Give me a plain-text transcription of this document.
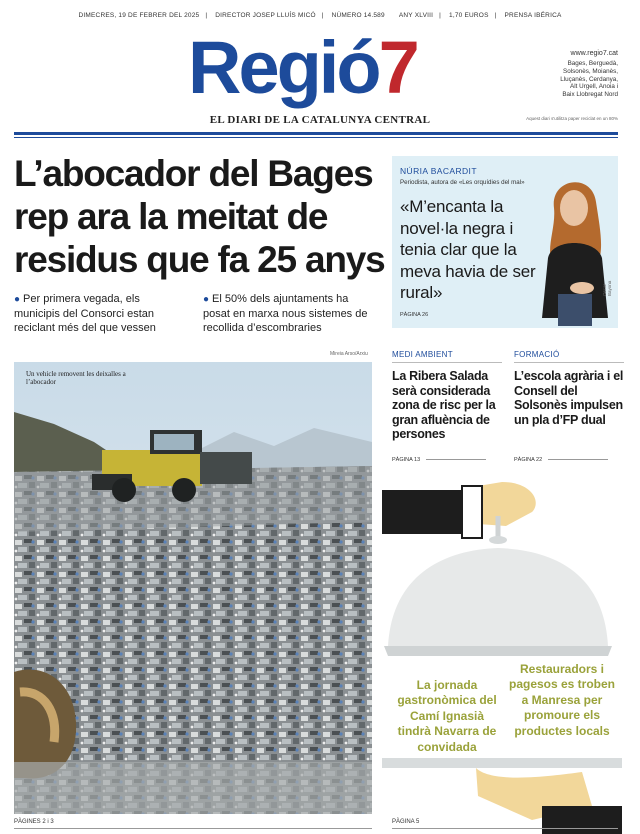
DIMECRES, 19 DE FEBRER DEL 2025 | DIRECTOR JOSEP LLUÍS MICÓ | NÚMERO 14.589 ANY XLVIII | 1,70 EUROS | PRENSA IBÉRICA
Regió7
EL DIARI DE LA CATALUNYA CENTRAL
www.regio7.cat
Bages, Berguedà,
Solsonès, Moianès,
Lluçanès, Cerdanya,
Alt Urgell, Anoia i
Baix Llobregat Nord
Aquest diari s'utilitza paper reciclat en un 80%
L’abocador del Bages rep ara la meitat de residus que fa 25 anys

● Per primera vegada, els municipis del Consorci estan reciclant més del que vessen

● El 50% dels ajuntaments ha posat en marxa nous sistemes de recollida d’escombraries

Mireia Arso/Arxiu
Un vehicle removent les deixalles a l’abocador
PÀGINES 2 i 3
NÚRIA BACARDIT
Periodista, autora de «Les orquídies del mal»
«M’encanta la novel·la negra i tenia clar que la meva havia de ser rural»
PÀGINA 26
Oscar Bayona
MEDI AMBIENT
La Ribera Salada serà considerada zona de risc per la gran afluència de persones
PÀGINA 13
FORMACIÓ
L’escola agrària i el Consell del Solsonès impulsen un pla d’FP dual
PÀGINA 22
La jornada gastronòmica del Camí Ignasià tindrà Navarra de convidada
Restauradors i pagesos es troben a Manresa per promoure els productes locals
PÀGINA 5
